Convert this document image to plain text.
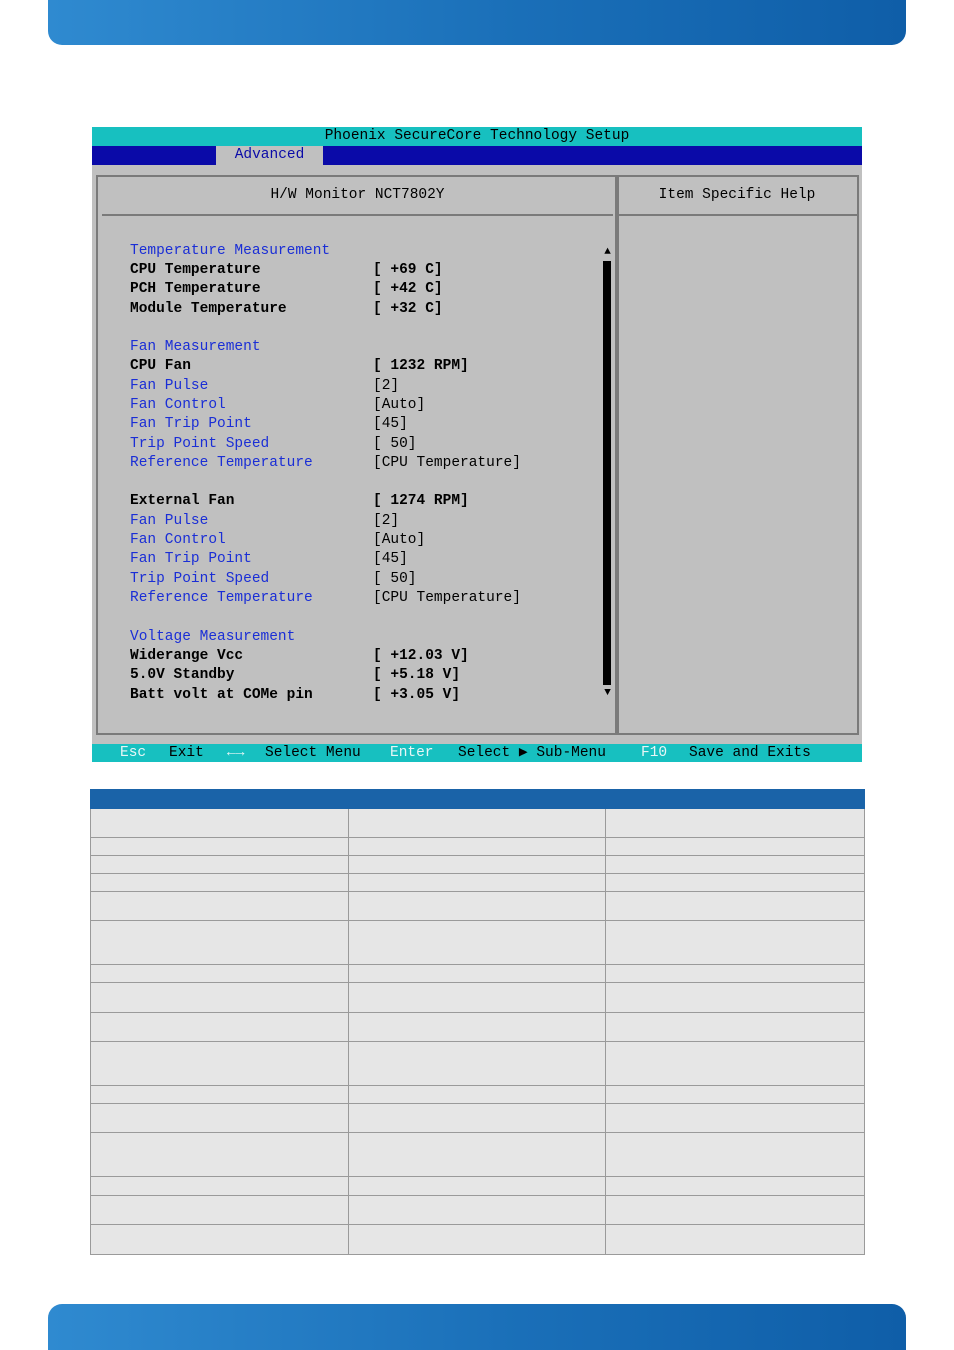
Phoenix SecureCore Technology Setup
Advanced
H/W Monitor NCT7802Y	Item Specific Help
Temperature Measurement
CPU Temperature	[ +69 C]
PCH Temperature	[ +42 C]
Module Temperature	[ +32 C]
Fan Measurement
CPU Fan	[ 1232 RPM]
Fan Pulse	[2]
Fan Control	[Auto]
Fan Trip Point	[45]
Trip Point Speed	[ 50]
Reference Temperature	[CPU Temperature]
External Fan	[ 1274 RPM]
Fan Pulse	[2]
Fan Control	[Auto]
Fan Trip Point	[45]
Trip Point Speed	[ 50]
Reference Temperature	[CPU Temperature]
Voltage Measurement
Widerange Vcc	[ +12.03 V]
5.0V Standby	[ +5.18 V]
Batt volt at COMe pin	[ +3.05 V]
▲
▼
Esc Exit ←→ Select Menu Enter Select ▶ Sub-Menu F10 Save and Exits
